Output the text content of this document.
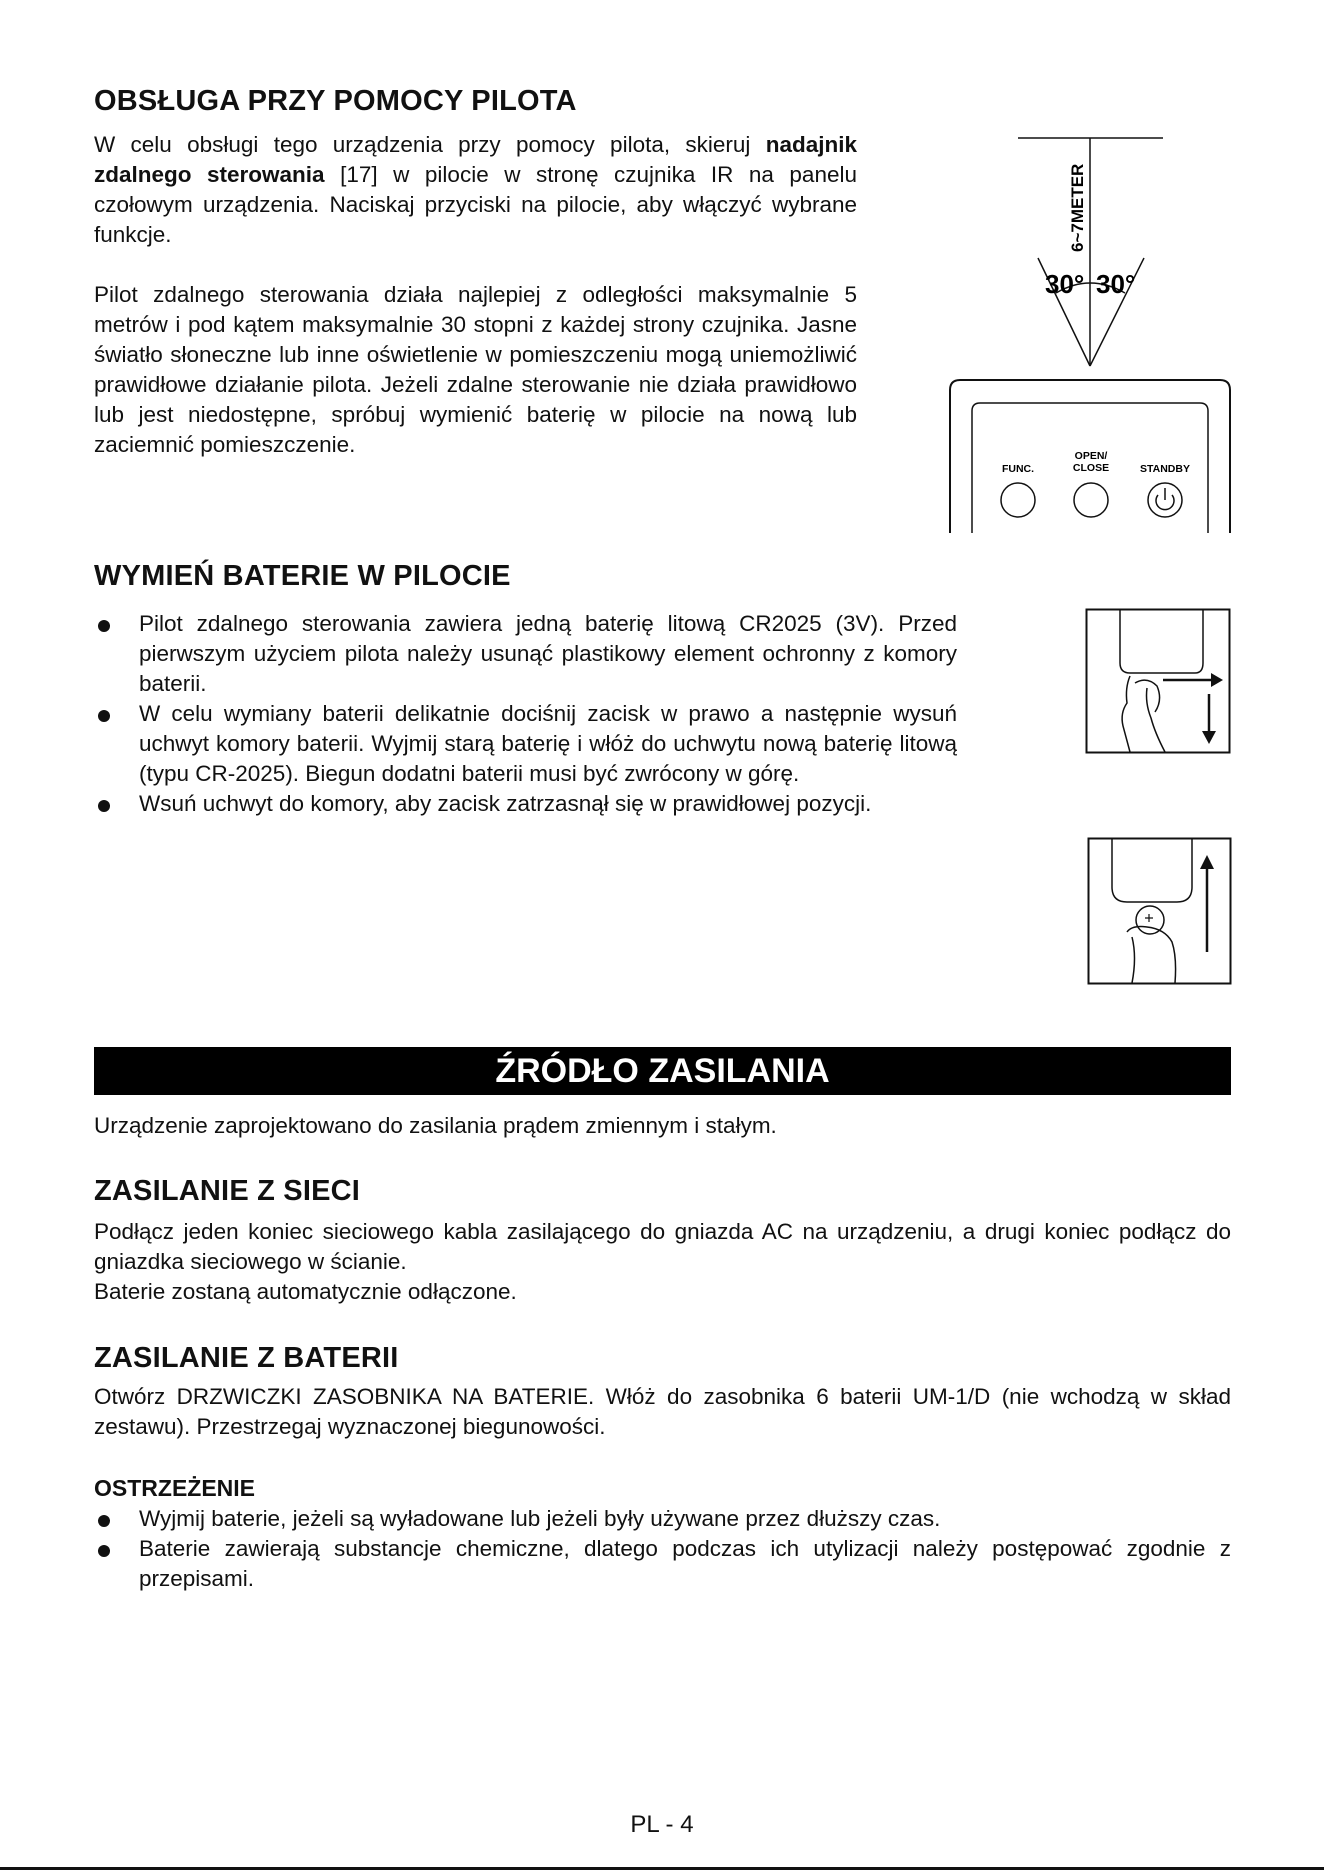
OBSŁUGA PRZY POMOCY PILOTA

W celu obsługi tego urządzenia przy pomocy pilota, skieruj nadajnik zdalnego sterowania [17] w pilocie w stronę czujnika IR na panelu czołowym urządzenia. Naciskaj przyciski na pilocie, aby włączyć wybrane funkcje.

Pilot zdalnego sterowania działa najlepiej z odległości maksymalnie 5 metrów i pod kątem maksymalnie 30 stopni z każdej strony czujnika. Jasne światło słoneczne lub inne oświetlenie w pomieszczeniu mogą uniemożliwić prawidłowe działanie pilota. Jeżeli zdalne sterowanie nie działa prawidłowo lub jest niedostępne, spróbuj wymienić baterię w pilocie na nową lub zaciemnić pomieszczenie.

6~7METER
30° 30°
FUNC.
OPEN/
CLOSE	STANDBY
WYMIEŃ BATERIE W PILOCIE
Pilot zdalnego sterowania zawiera jedną baterię litową CR2025 (3V). Przed pierwszym użyciem pilota należy usunąć plastikowy element ochronny z komory baterii.
W celu wymiany baterii delikatnie dociśnij zacisk w prawo a następnie wysuń uchwyt komory baterii. Wyjmij starą baterię i włóż do uchwytu nową baterię litową (typu CR-2025). Biegun dodatni baterii musi być zwrócony w górę.
Wsuń uchwyt do komory, aby zacisk zatrzasnął się w prawidłowej pozycji.
ŹRÓDŁO ZASILANIA

Urządzenie zaprojektowano do zasilania prądem zmiennym i stałym.

ZASILANIE Z SIECI

Podłącz jeden koniec sieciowego kabla zasilającego do gniazda AC na urządzeniu, a drugi koniec podłącz do gniazdka sieciowego w ścianie.

Baterie zostaną automatycznie odłączone.

ZASILANIE Z BATERII

Otwórz DRZWICZKI ZASOBNIKA NA BATERIE. Włóż do zasobnika 6 baterii UM-1/D (nie wchodzą w skład zestawu). Przestrzegaj wyznaczonej biegunowości.

OSTRZEŻENIE
Wyjmij baterie, jeżeli są wyładowane lub jeżeli były używane przez dłuższy czas.
Baterie zawierają substancje chemiczne, dlatego podczas ich utylizacji należy postępować zgodnie z przepisami.
PL - 4
